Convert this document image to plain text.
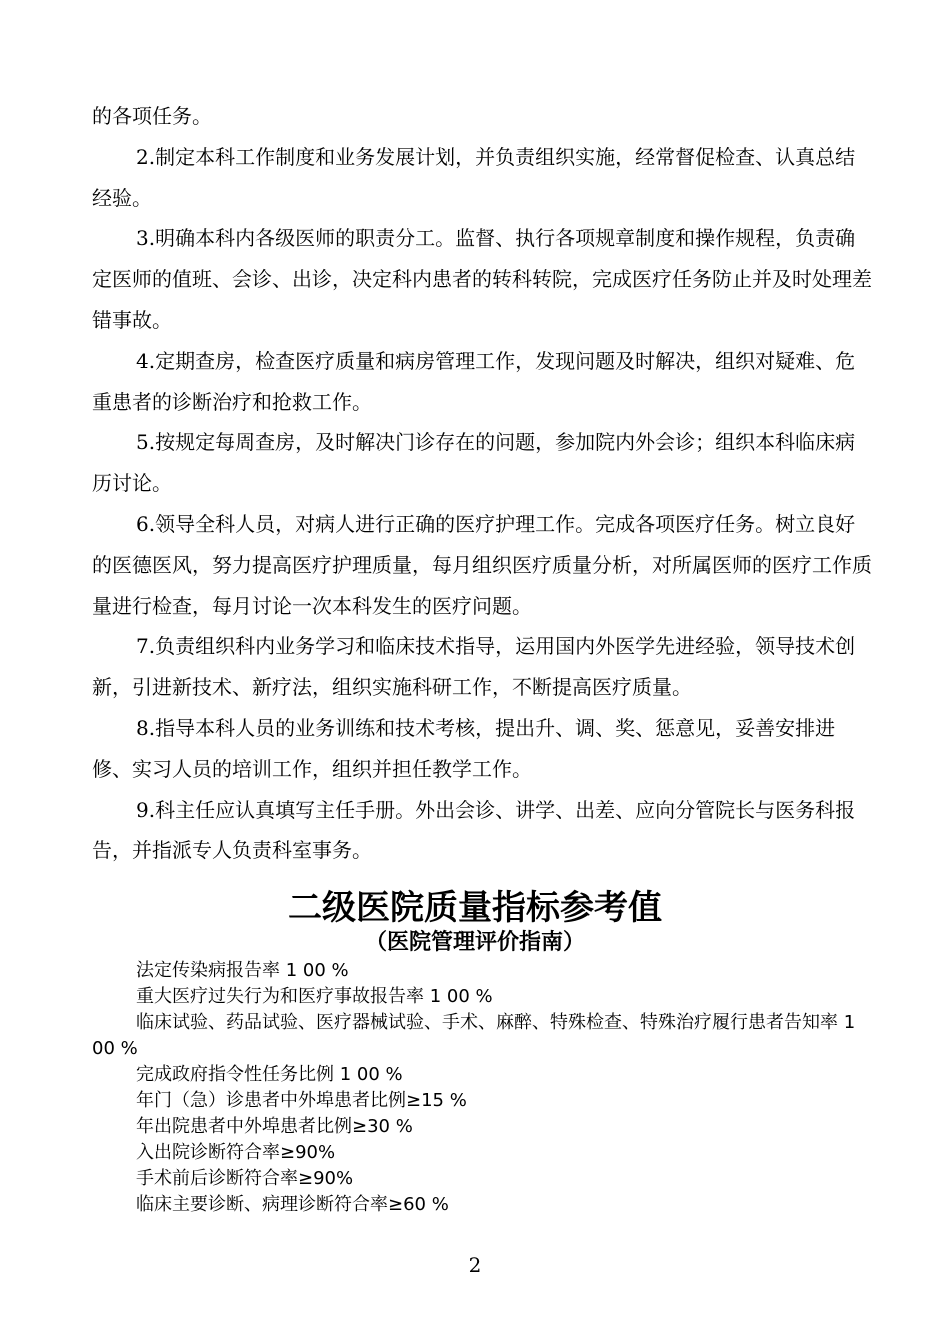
的各项任务。

2.制定本科工作制度和业务发展计划，并负责组织实施，经常督促检查、认真总结经验。

3.明确本科内各级医师的职责分工。监督、执行各项规章制度和操作规程，负责确定医师的值班、会诊、出诊，决定科内患者的转科转院，完成医疗任务防止并及时处理差错事故。

4.定期查房，检查医疗质量和病房管理工作，发现问题及时解决，组织对疑难、危重患者的诊断治疗和抢救工作。

5.按规定每周查房，及时解决门诊存在的问题，参加院内外会诊；组织本科临床病历讨论。

6.领导全科人员，对病人进行正确的医疗护理工作。完成各项医疗任务。树立良好的医德医风，努力提高医疗护理质量，每月组织医疗质量分析，对所属医师的医疗工作质量进行检查，每月讨论一次本科发生的医疗问题。

7.负责组织科内业务学习和临床技术指导，运用国内外医学先进经验，领导技术创新，引进新技术、新疗法，组织实施科研工作，不断提高医疗质量。

8.指导本科人员的业务训练和技术考核，提出升、调、奖、惩意见，妥善安排进修、实习人员的培训工作，组织并担任教学工作。

9.科主任应认真填写主任手册。外出会诊、讲学、出差、应向分管院长与医务科报告，并指派专人负责科室事务。

二级医院质量指标参考值
（医院管理评价指南）

法定传染病报告率 1 00 %

重大医疗过失行为和医疗事故报告率 1 00 %

临床试验、药品试验、医疗器械试验、手术、麻醉、特殊检查、特殊治疗履行患者告知率 1 00 %

完成政府指令性任务比例 1 00 %

年门（急）诊患者中外埠患者比例≥15 %

年出院患者中外埠患者比例≥30 %

入出院诊断符合率≥90%

手术前后诊断符合率≥90%

临床主要诊断、病理诊断符合率≥60 %

2
